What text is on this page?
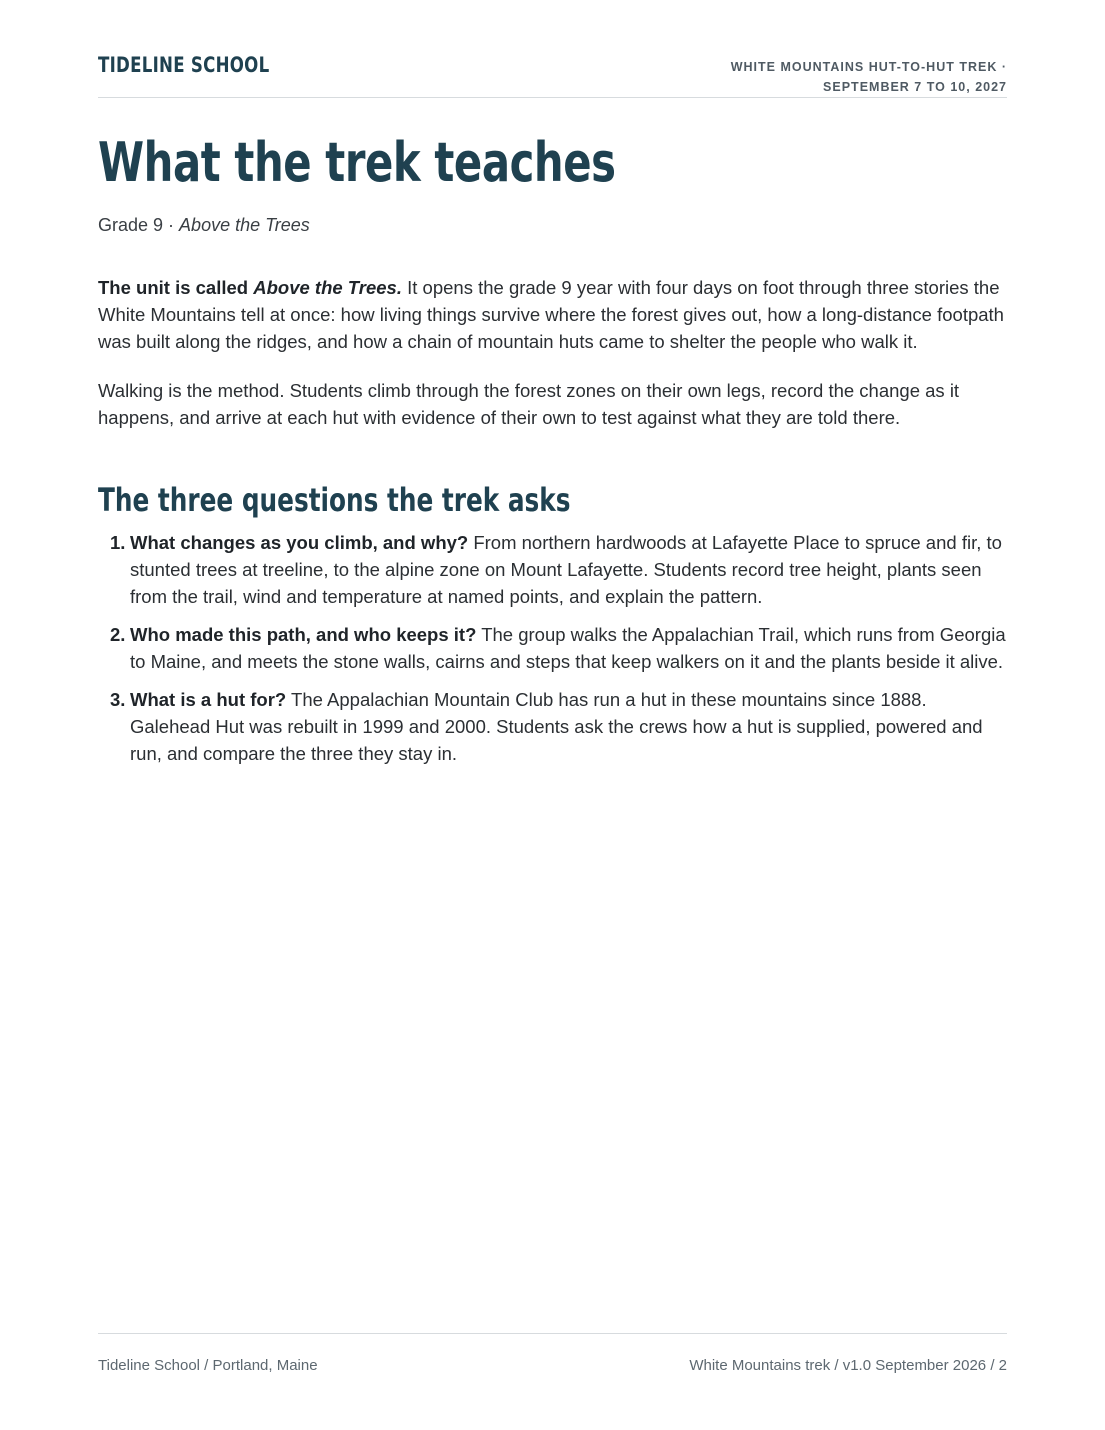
TIDELINE SCHOOL	WHITE MOUNTAINS HUT-TO-HUT TREK ·
SEPTEMBER 7 TO 10, 2027
What the trek teaches
Grade 9 · Above the Trees

The unit is called Above the Trees. It opens the grade 9 year with four days on foot through three stories the White Mountains tell at once: how living things survive where the forest gives out, how a long-distance footpath was built along the ridges, and how a chain of mountain huts came to shelter the people who walk it.

Walking is the method. Students climb through the forest zones on their own legs, record the change as it happens, and arrive at each hut with evidence of their own to test against what they are told there.

The three questions the trek asks
1. What changes as you climb, and why? From northern hardwoods at Lafayette Place to spruce and fir, to stunted trees at treeline, to the alpine zone on Mount Lafayette. Students record tree height, plants seen from the trail, wind and temperature at named points, and explain the pattern.
2. Who made this path, and who keeps it? The group walks the Appalachian Trail, which runs from Georgia to Maine, and meets the stone walls, cairns and steps that keep walkers on it and the plants beside it alive.
3. What is a hut for? The Appalachian Mountain Club has run a hut in these mountains since 1888. Galehead Hut was rebuilt in 1999 and 2000. Students ask the crews how a hut is supplied, powered and run, and compare the three they stay in.
Tideline School / Portland, Maine	White Mountains trek / v1.0 September 2026 / 2
